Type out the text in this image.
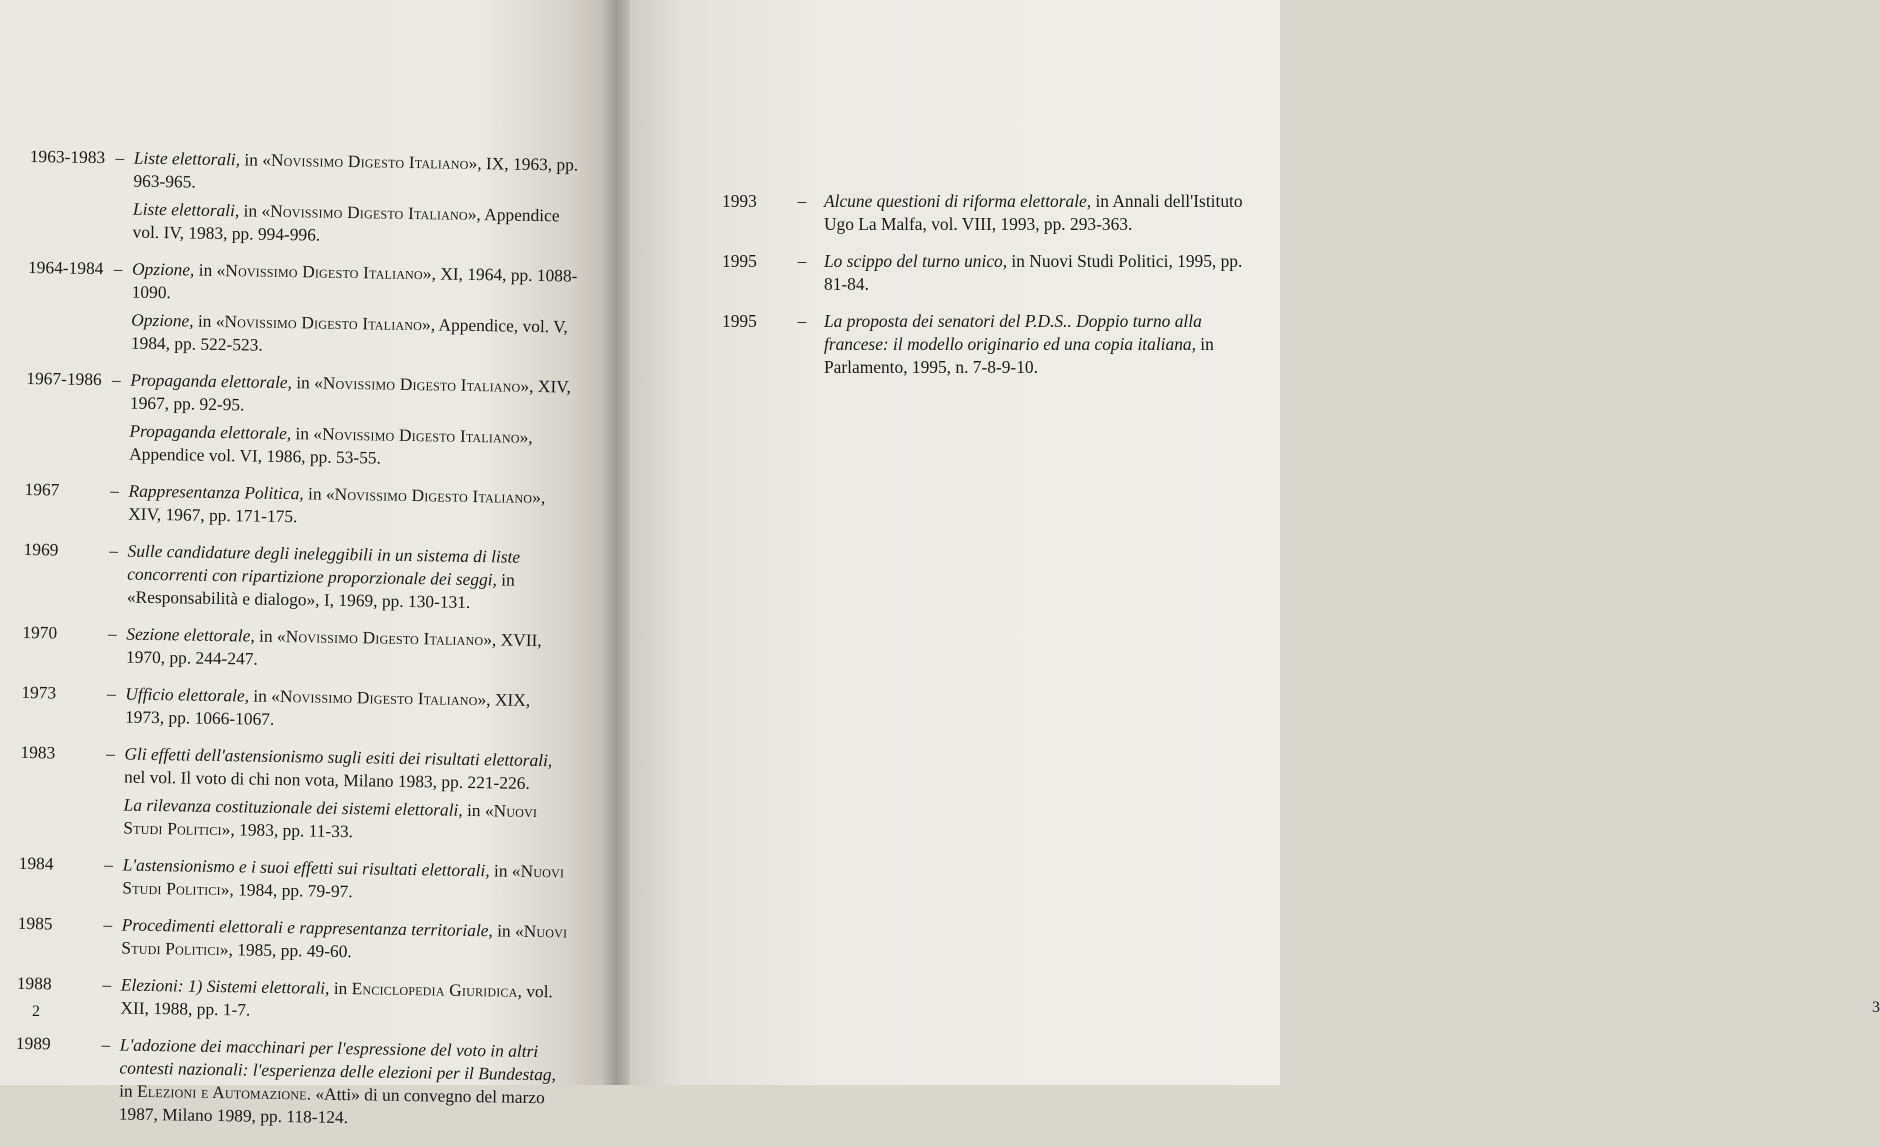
1963-1983 – Liste elettorali, in «Novissimo Digesto Italiano», IX, 1963, pp. 963-965.
Liste elettorali, in «Novissimo Digesto Italiano», Appendice vol. IV, 1983, pp. 994-996.
1964-1984 – Opzione, in «Novissimo Digesto Italiano», XI, 1964, pp. 1088-1090.
Opzione, in «Novissimo Digesto Italiano», Appendice, vol. V, 1984, pp. 522-523.
1967-1986 – Propaganda elettorale, in «Novissimo Digesto Italiano», XIV, 1967, pp. 92-95.
Propaganda elettorale, in «Novissimo Digesto Italiano», Appendice vol. VI, 1986, pp. 53-55.
1967	– Rappresentanza Politica, in «Novissimo Digesto Italiano», XIV, 1967, pp. 171-175.
1969	– Sulle candidature degli ineleggibili in un sistema di liste concorrenti con ripartizione proporzionale dei seggi, in «Responsabilità e dialogo», I, 1969, pp. 130-131.
1970	– Sezione elettorale, in «Novissimo Digesto Italiano», XVII, 1970, pp. 244-247.
1973	– Ufficio elettorale, in «Novissimo Digesto Italiano», XIX, 1973, pp. 1066-1067.
1983	– Gli effetti dell'astensionismo sugli esiti dei risultati elettorali, nel vol. Il voto di chi non vota, Milano 1983, pp. 221-226.
La rilevanza costituzionale dei sistemi elettorali, in «Nuovi Studi Politici», 1983, pp. 11-33.
1984	– L'astensionismo e i suoi effetti sui risultati elettorali, in «Nuovi Studi Politici», 1984, pp. 79-97.
1985	– Procedimenti elettorali e rappresentanza territoriale, in «Nuovi Studi Politici», 1985, pp. 49-60.
1988	– Elezioni: 1) Sistemi elettorali, in Enciclopedia Giuridica, vol. XII, 1988, pp. 1-7.
1989	– L'adozione dei macchinari per l'espressione del voto in altri contesti nazionali: l'esperienza delle elezioni per il Bundestag, in Elezioni e Automazione. «Atti» di un convegno del marzo 1987, Milano 1989, pp. 118-124.
2	3
1993	–	Alcune questioni di riforma elettorale, in Annali dell'Istituto Ugo La Malfa, vol. VIII, 1993, pp. 293-363.
1995	–	Lo scippo del turno unico, in Nuovi Studi Politici, 1995, pp. 81-84.
1995	–	La proposta dei senatori del P.D.S.. Doppio turno alla francese: il modello originario ed una copia italiana, in Parlamento, 1995, n. 7-8-9-10.
